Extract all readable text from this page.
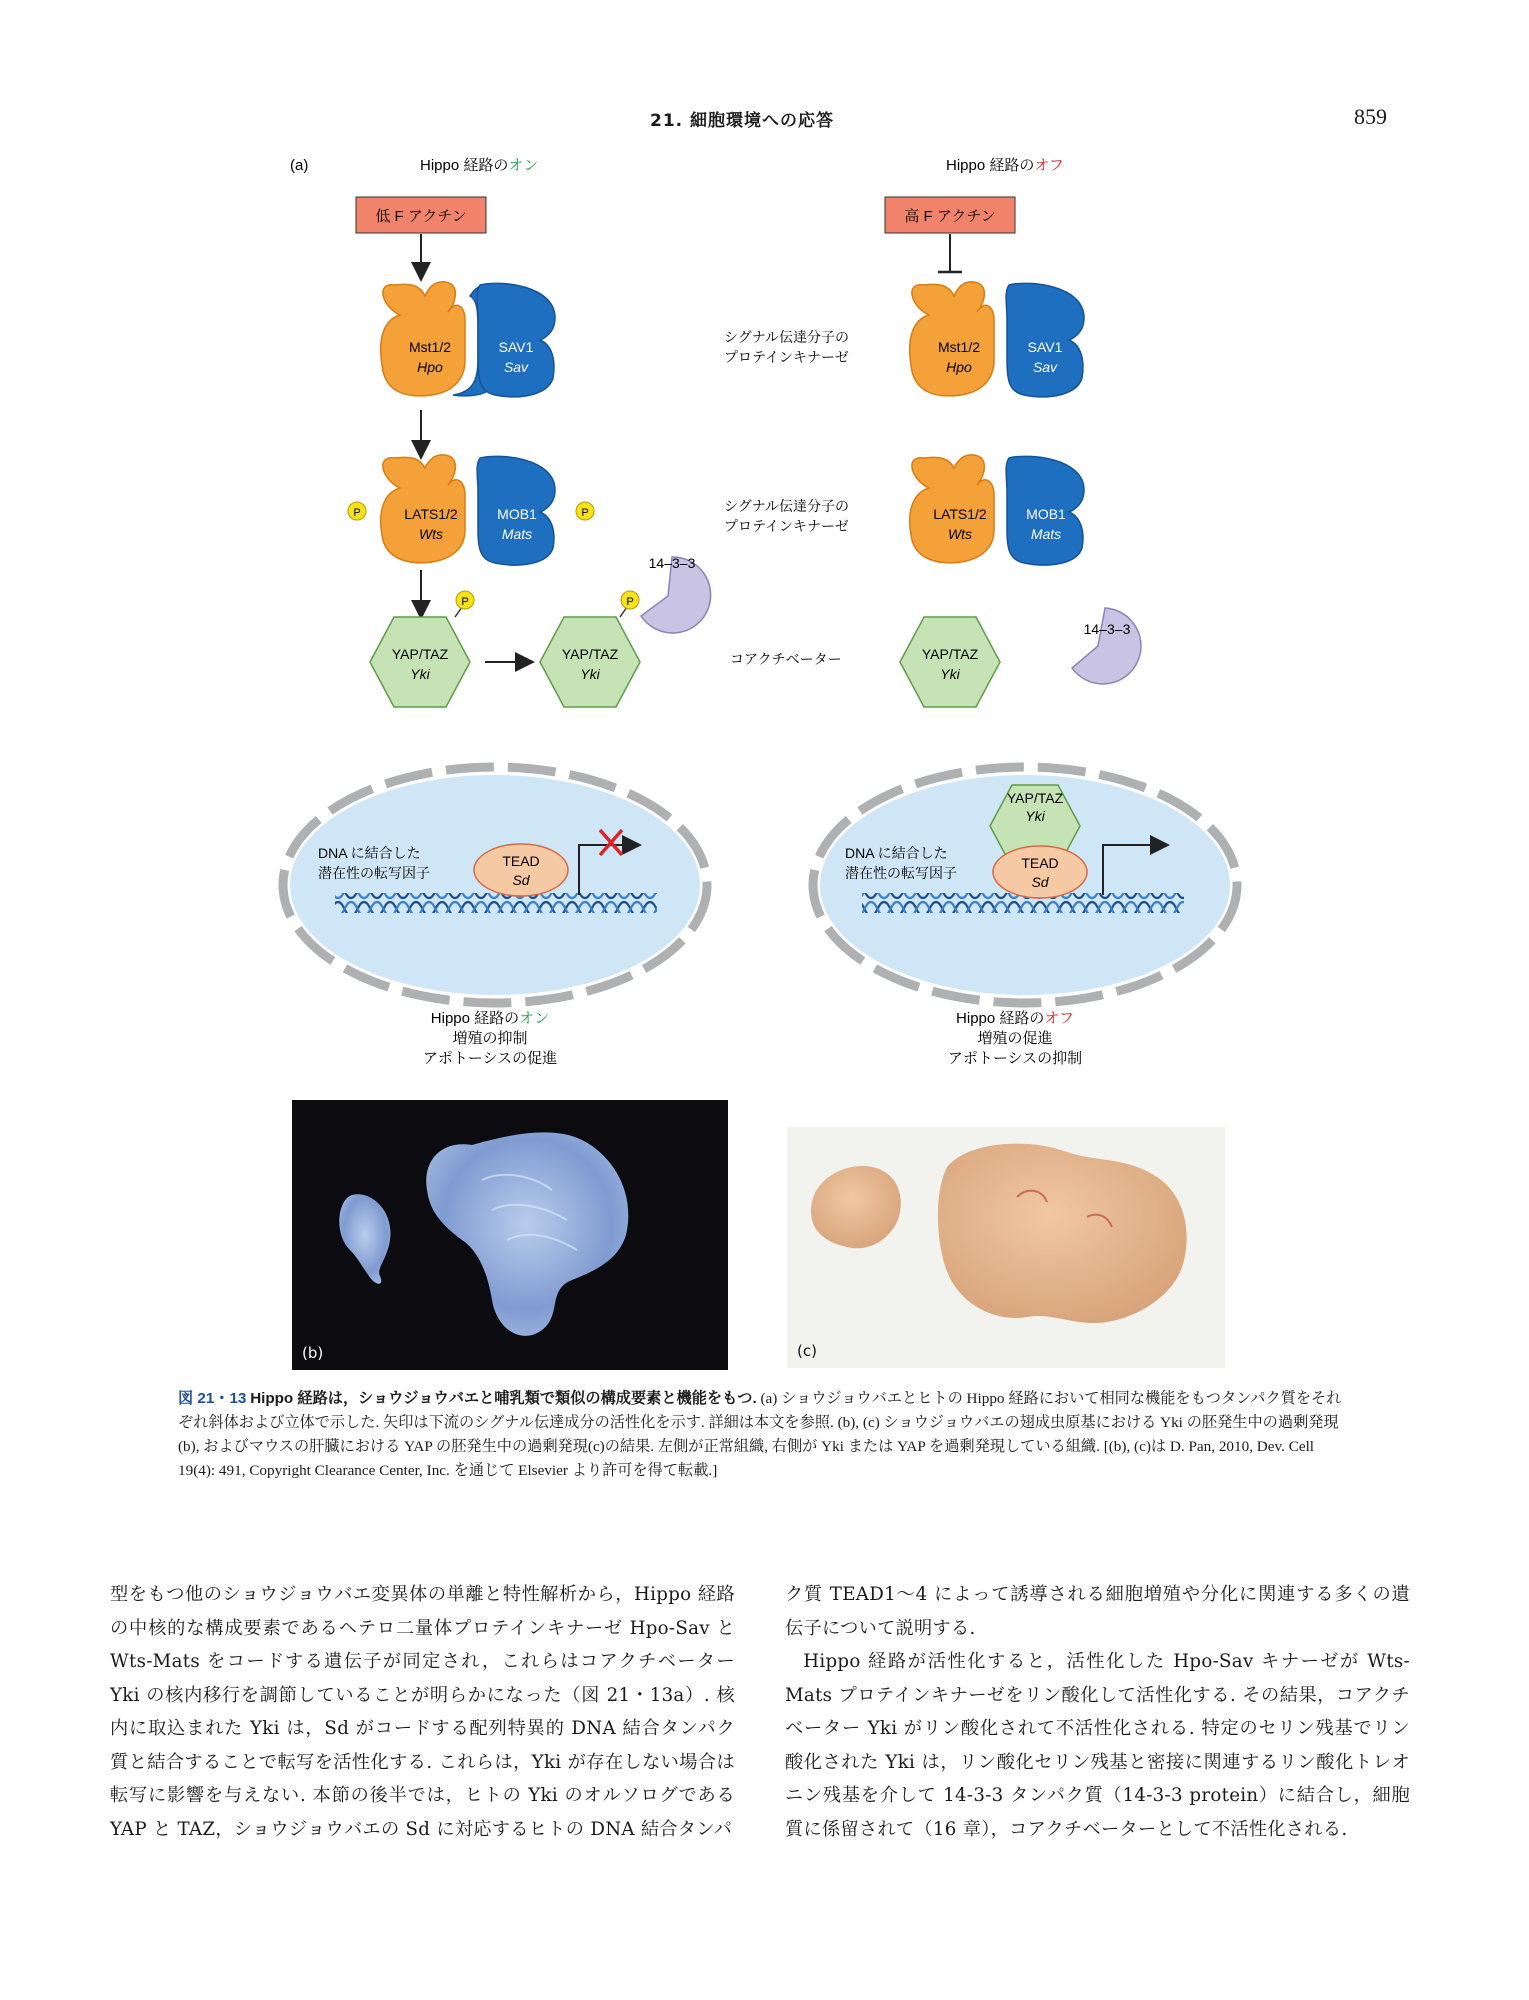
21. 細胞環境への応答	859
(a)	Hippo 経路のオン
低 F アクチン
Mst1/2
Hpo
SAV1
Sav
LATS1/2
Wts
MOB1
Mats
P	P
YAP/TAZ
Yki
P
YAP/TAZ
Yki
P
14–3–3
DNA に結合した
潜在性の転写因子
TEAD
Sd
Hippo 経路のオン
増殖の抑制
アポトーシスの促進
シグナル伝達分子の
プロテインキナーゼ
シグナル伝達分子の
プロテインキナーゼ
コアクチベーター
Hippo 経路のオフ
高 F アクチン
Mst1/2
Hpo
SAV1
Sav
LATS1/2
Wts
MOB1
Mats
YAP/TAZ
Yki
14–3–3
DNA に結合した
潜在性の転写因子
YAP/TAZ
Yki
TEAD
Sd
Hippo 経路のオフ
増殖の促進
アポトーシスの抑制
(b)	(c)
図 21・13 Hippo 経路は，ショウジョウバエと哺乳類で類似の構成要素と機能をもつ. (a) ショウジョウバエとヒトの Hippo 経路において相同な機能をもつタンパク質をそれぞれ斜体および立体で示した. 矢印は下流のシグナル伝達成分の活性化を示す. 詳細は本文を参照. (b), (c) ショウジョウバエの翅成虫原基における Yki の胚発生中の過剰発現(b), およびマウスの肝臓における YAP の胚発生中の過剰発現(c)の結果. 左側が正常組織, 右側が Yki または YAP を過剰発現している組織. [(b), (c)は D. Pan, 2010, Dev. Cell 19(4): 491, Copyright Clearance Center, Inc. を通じて Elsevier より許可を得て転載.]

型をもつ他のショウジョウバエ変異体の単離と特性解析から，Hippo 経路の中核的な構成要素であるヘテロ二量体プロテインキナーゼ Hpo-Sav と Wts-Mats をコードする遺伝子が同定され，これらはコアクチベーター Yki の核内移行を調節していることが明らかになった（図 21・13a）. 核内に取込まれた Yki は，Sd がコードする配列特異的 DNA 結合タンパク質と結合することで転写を活性化する. これらは，Yki が存在しない場合は転写に影響を与えない. 本節の後半では，ヒトの Yki のオルソログである YAP と TAZ，ショウジョウバエの Sd に対応するヒトの DNA 結合タンパ

ク質 TEAD1〜4 によって誘導される細胞増殖や分化に関連する多くの遺伝子について説明する.

Hippo 経路が活性化すると，活性化した Hpo-Sav キナーゼが Wts-Mats プロテインキナーゼをリン酸化して活性化する. その結果，コアクチベーター Yki がリン酸化されて不活性化される. 特定のセリン残基でリン酸化された Yki は，リン酸化セリン残基と密接に関連するリン酸化トレオニン残基を介して 14-3-3 タンパク質（14-3-3 protein）に結合し，細胞質に係留されて（16 章），コアクチベーターとして不活性化される.
